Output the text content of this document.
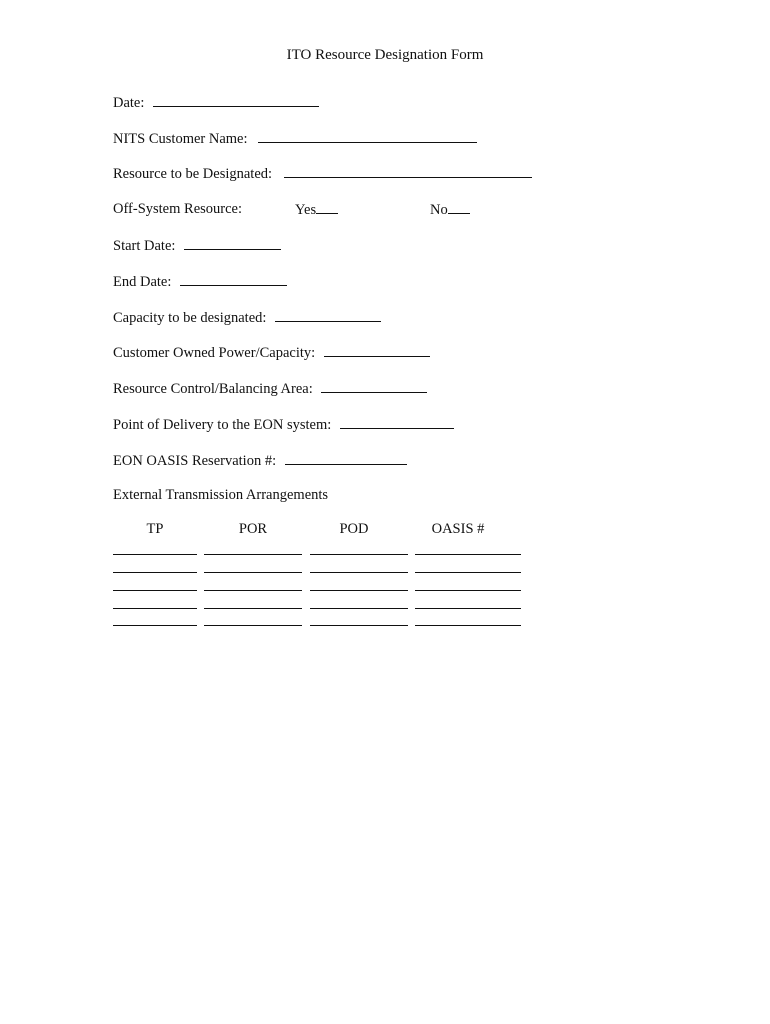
ITO Resource Designation Form
Date:
NITS Customer Name:
Resource to be Designated:
Off-System Resource:	Yes	No
Start Date:
End Date:
Capacity to be designated:
Customer Owned Power/Capacity:
Resource Control/Balancing Area:
Point of Delivery to the EON system:
EON OASIS Reservation #:
External Transmission Arrangements
TP	POR	POD	OASIS #
